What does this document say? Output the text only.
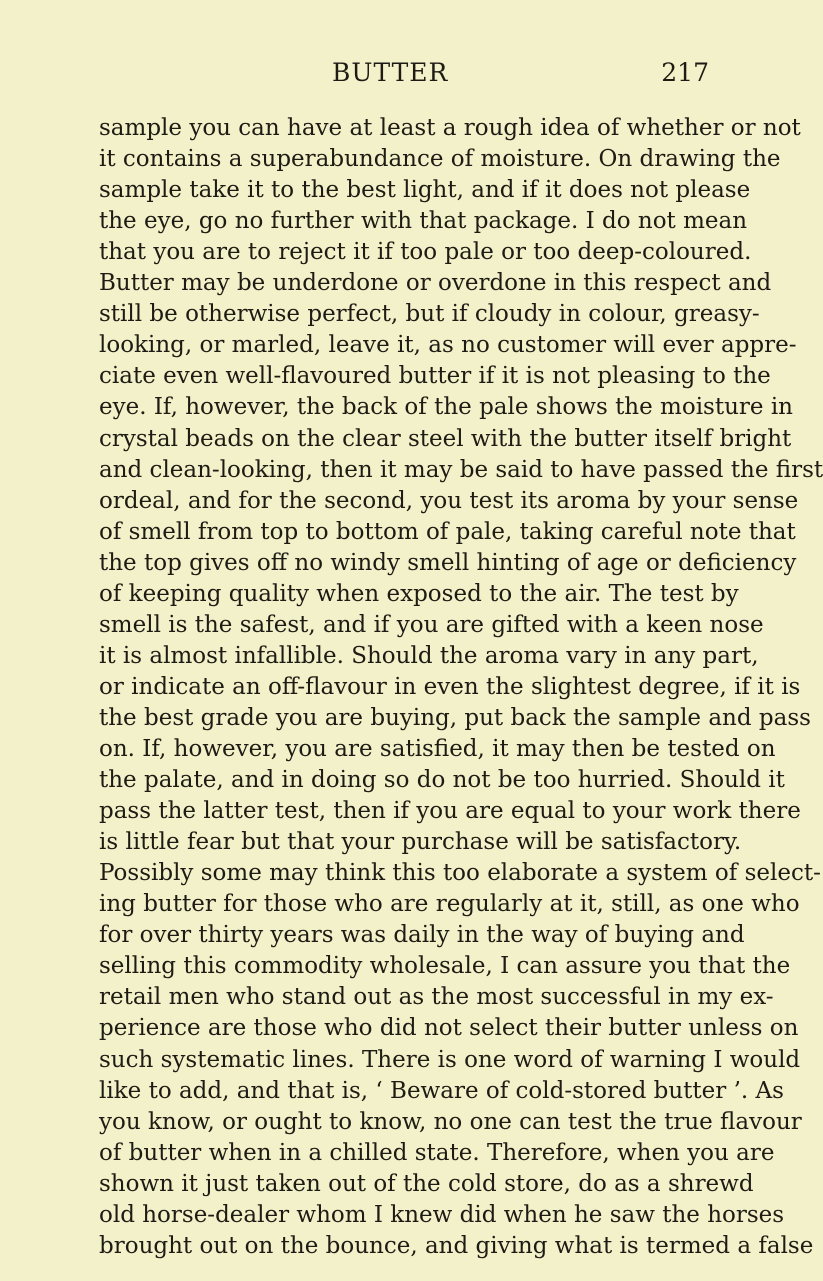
BUTTER	217
sample you can have at least a rough idea of whether or not
it contains a superabundance of moisture. On drawing the
sample take it to the best light, and if it does not please
the eye, go no further with that package. I do not mean
that you are to reject it if too pale or too deep-coloured.
Butter may be underdone or overdone in this respect and
still be otherwise perfect, but if cloudy in colour, greasy-
looking, or marled, leave it, as no customer will ever appre-
ciate even well-flavoured butter if it is not pleasing to the
eye. If, however, the back of the pale shows the moisture in
crystal beads on the clear steel with the butter itself bright
and clean-looking, then it may be said to have passed the first
ordeal, and for the second, you test its aroma by your sense
of smell from top to bottom of pale, taking careful note that
the top gives off no windy smell hinting of age or deficiency
of keeping quality when exposed to the air. The test by
smell is the safest, and if you are gifted with a keen nose
it is almost infallible. Should the aroma vary in any part,
or indicate an off-flavour in even the slightest degree, if it is
the best grade you are buying, put back the sample and pass
on. If, however, you are satisfied, it may then be tested on
the palate, and in doing so do not be too hurried. Should it
pass the latter test, then if you are equal to your work there
is little fear but that your purchase will be satisfactory.
Possibly some may think this too elaborate a system of select-
ing butter for those who are regularly at it, still, as one who
for over thirty years was daily in the way of buying and
selling this commodity wholesale, I can assure you that the
retail men who stand out as the most successful in my ex-
perience are those who did not select their butter unless on
such systematic lines. There is one word of warning I would
like to add, and that is, ‘ Beware of cold-stored butter ’. As
you know, or ought to know, no one can test the true flavour
of butter when in a chilled state. Therefore, when you are
shown it just taken out of the cold store, do as a shrewd
old horse-dealer whom I knew did when he saw the horses
brought out on the bounce, and giving what is termed a false
